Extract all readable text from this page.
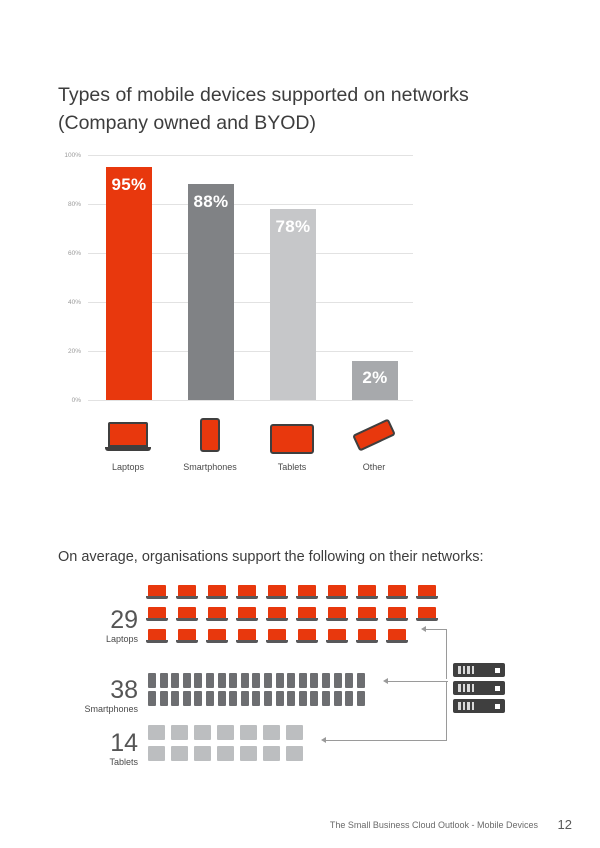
Types of mobile devices supported on networks
(Company owned and BYOD)
0%
20%
40%
60%
80%
100%
95%
88%
78%
2%
Laptops	Smartphones	Tablets	Other
On average, organisations support the following on their networks:
29
Laptops
38
Smartphones
14
Tablets
The Small Business Cloud Outlook - Mobile Devices 12
